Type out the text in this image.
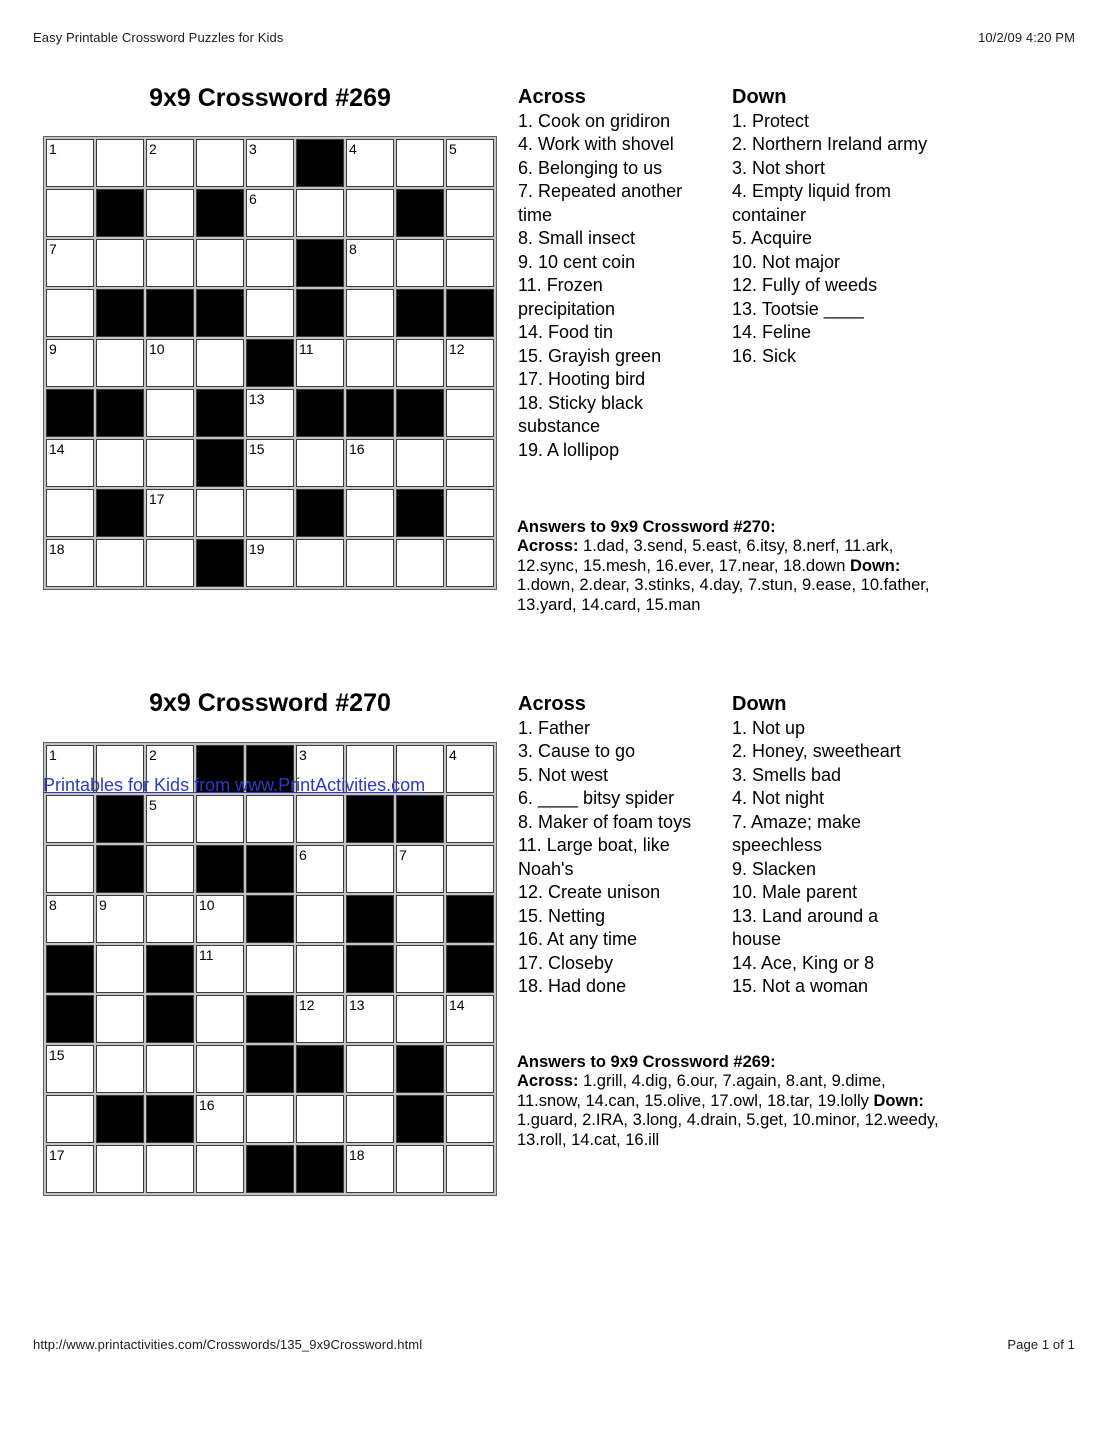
Easy Printable Crossword Puzzles for Kids	10/2/09 4:20 PM
9x9 Crossword #269
1		2		3		4		5

				6				

7						8		

9		10			11			12

				13				

14				15		16		

		17						

18				19				

Across
1. Cook on gridiron
4. Work with shovel
6. Belonging to us
7. Repeated another
time
8. Small insect
9. 10 cent coin
11. Frozen
precipitation
14. Food tin
15. Grayish green
17. Hooting bird
18. Sticky black
substance
19. A lollipop
Down
1. Protect
2. Northern Ireland army
3. Not short
4. Empty liquid from
container
5. Acquire
10. Not major
12. Fully of weeds
13. Tootsie ____
14. Feline
16. Sick
Answers to 9x9 Crossword #270:
Across: 1.dad, 3.send, 5.east, 6.itsy, 8.nerf, 11.ark,
12.sync, 15.mesh, 16.ever, 17.near, 18.down Down:
1.down, 2.dear, 3.stinks, 4.day, 7.stun, 9.ease, 10.father,
13.yard, 14.card, 15.man
9x9 Crossword #270
1		2			3			4

		5						

					6		7	

8	9		10					

			11					

					12	13		14

15								

			16					

17						18		

Printables for Kids from www.PrintActivities.com
Across
1. Father
3. Cause to go
5. Not west
6. ____ bitsy spider
8. Maker of foam toys
11. Large boat, like
Noah's
12. Create unison
15. Netting
16. At any time
17. Closeby
18. Had done
Down
1. Not up
2. Honey, sweetheart
3. Smells bad
4. Not night
7. Amaze; make
speechless
9. Slacken
10. Male parent
13. Land around a
house
14. Ace, King or 8
15. Not a woman
Answers to 9x9 Crossword #269:
Across: 1.grill, 4.dig, 6.our, 7.again, 8.ant, 9.dime,
11.snow, 14.can, 15.olive, 17.owl, 18.tar, 19.lolly Down:
1.guard, 2.IRA, 3.long, 4.drain, 5.get, 10.minor, 12.weedy,
13.roll, 14.cat, 16.ill
http://www.printactivities.com/Crosswords/135_9x9Crossword.html	Page 1 of 1
